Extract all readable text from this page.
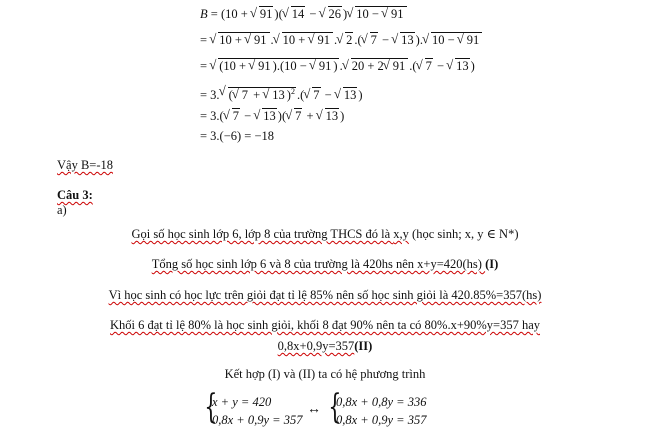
B = (10 + √ 91 )( √ 14 − √ 26 ) √ 10 − √ 91
= √ 10 + √ 91 . √ 10 + √ 91 . √ 2 .( √ 7 − √ 13 ). √ 10 − √ 91
= √ (10 + √ 91 ).(10 − √ 91 ) . √ 20 + 2 √ 91 .( √ 7 − √ 13 )
= 3. √ ( √ 7 + √ 13 )$^2$ .( √ 7 − √ 13 )
= 3.( √ 7 − √ 13 )( √ 7 + √ 13 )
= 3.(−6) = −18
Vậy B=-18
Câu 3:
a)
Gọi số học sinh lớp 6, lớp 8 của trường THCS đó là x,y (học sinh; x, y ∈ N*)
Tổng số học sinh lớp 6 và 8 của trường là 420hs nên x+y=420(hs) (I)
Vì học sinh có học lực trên giỏi đạt tỉ lệ 85% nên số học sinh giỏi là 420.85%=357(hs)
Khối 6 đạt tỉ lệ 80% là học sinh giỏi, khối 8 đạt 90% nên ta có 80%.x+90%y=357 hay
0,8x+0,9y=357(II)
Kết hợp (I) và (II) ta có hệ phương trình
{
x + y = 420
0,8x + 0,9y = 357
↔ {
0,8x + 0,8y = 336
0,8x + 0,9y = 357
